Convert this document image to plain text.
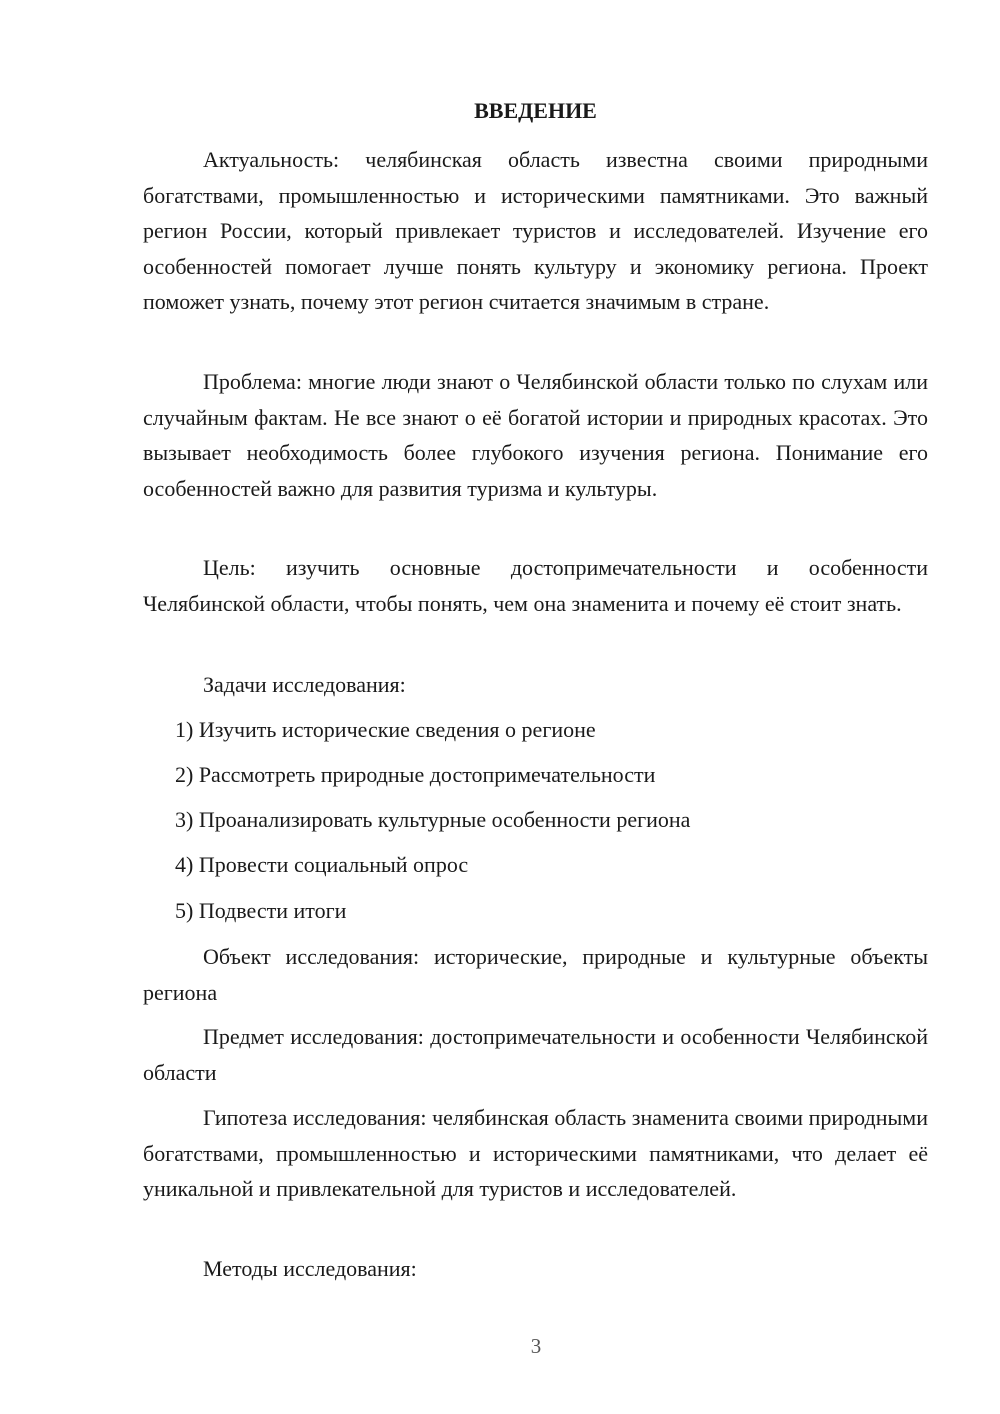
ВВЕДЕНИЕ

Актуальность: челябинская область известна своими природными богатствами, промышленностью и историческими памятниками. Это важный регион России, который привлекает туристов и исследователей. Изучение его особенностей помогает лучше понять культуру и экономику региона. Проект поможет узнать, почему этот регион считается значимым в стране.

Проблема: многие люди знают о Челябинской области только по слухам или случайным фактам. Не все знают о её богатой истории и природных красотах. Это вызывает необходимость более глубокого изучения региона. Понимание его особенностей важно для развития туризма и культуры.

Цель: изучить основные достопримечательности и особенности Челябинской области, чтобы понять, чем она знаменита и почему её стоит знать.

Задачи исследования:

1) Изучить исторические сведения о регионе
2) Рассмотреть природные достопримечательности
3) Проанализировать культурные особенности региона
4) Провести социальный опрос
5) Подвести итоги

Объект исследования: исторические, природные и культурные объекты региона

Предмет исследования: достопримечательности и особенности Челябинской области

Гипотеза исследования: челябинская область знаменита своими природными богатствами, промышленностью и историческими памятниками, что делает её уникальной и привлекательной для туристов и исследователей.

Методы исследования:

3
